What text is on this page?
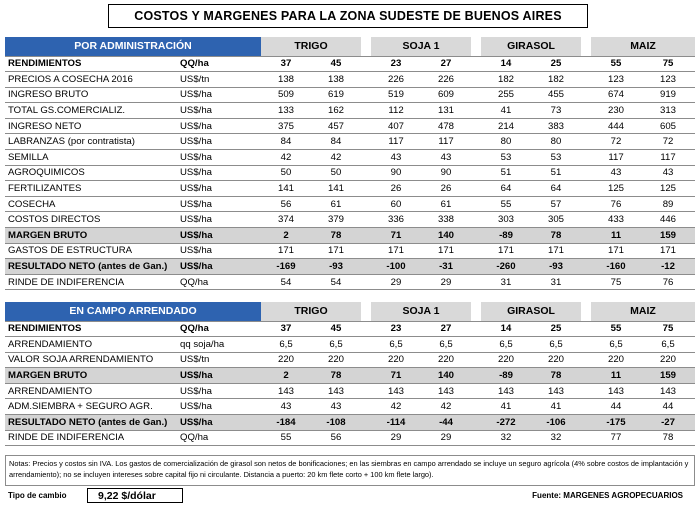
COSTOS Y MARGENES PARA LA ZONA SUDESTE DE BUENOS AIRES
POR ADMINISTRACIÓN		TRIGO			SOJA 1			GIRASOL			MAIZ	
RENDIMIENTOS	QQ/ha	37	45		23	27		14	25		55	75
PRECIOS A COSECHA 2016	US$/tn	138	138		226	226		182	182		123	123
INGRESO BRUTO	US$/ha	509	619		519	609		255	455		674	919
TOTAL GS.COMERCIALIZ.	US$/ha	133	162		112	131		41	73		230	313
INGRESO NETO	US$/ha	375	457		407	478		214	383		444	605
LABRANZAS (por contratista)	US$/ha	84	84		117	117		80	80		72	72
SEMILLA	US$/ha	42	42		43	43		53	53		117	117
AGROQUIMICOS	US$/ha	50	50		90	90		51	51		43	43
FERTILIZANTES	US$/ha	141	141		26	26		64	64		125	125
COSECHA	US$/ha	56	61		60	61		55	57		76	89
COSTOS DIRECTOS	US$/ha	374	379		336	338		303	305		433	446
MARGEN BRUTO	US$/ha	2	78		71	140		-89	78		11	159
GASTOS DE ESTRUCTURA	US$/ha	171	171		171	171		171	171		171	171
RESULTADO NETO (antes de Gan.)	US$/ha	-169	-93		-100	-31		-260	-93		-160	-12
RINDE DE INDIFERENCIA	QQ/ha	54	54		29	29		31	31		75	76
EN CAMPO ARRENDADO		TRIGO			SOJA 1			GIRASOL			MAIZ	
RENDIMIENTOS	QQ/ha	37	45		23	27		14	25		55	75
ARRENDAMIENTO	qq soja/ha	6,5	6,5		6,5	6,5		6,5	6,5		6,5	6,5
VALOR SOJA ARRENDAMIENTO	US$/tn	220	220		220	220		220	220		220	220
MARGEN BRUTO	US$/ha	2	78		71	140		-89	78		11	159
ARRENDAMIENTO	US$/ha	143	143		143	143		143	143		143	143
ADM.SIEMBRA + SEGURO AGR.	US$/ha	43	43		42	42		41	41		44	44
RESULTADO NETO (antes de Gan.)	US$/ha	-184	-108		-114	-44		-272	-106		-175	-27
RINDE DE INDIFERENCIA	QQ/ha	55	56		29	29		32	32		77	78
Notas: Precios y costos sin IVA. Los gastos de comercialización de girasol son netos de bonificaciones; en las siembras en campo arrendado se incluye un seguro agrícola (4% sobre costos de implantación y arrendamiento); no se incluyen intereses sobre capital fijo ni circulante. Distancia a puerto: 20 km flete corto + 100 km flete largo).
Tipo de cambio	9,22 $/dólar	Fuente: MARGENES AGROPECUARIOS
